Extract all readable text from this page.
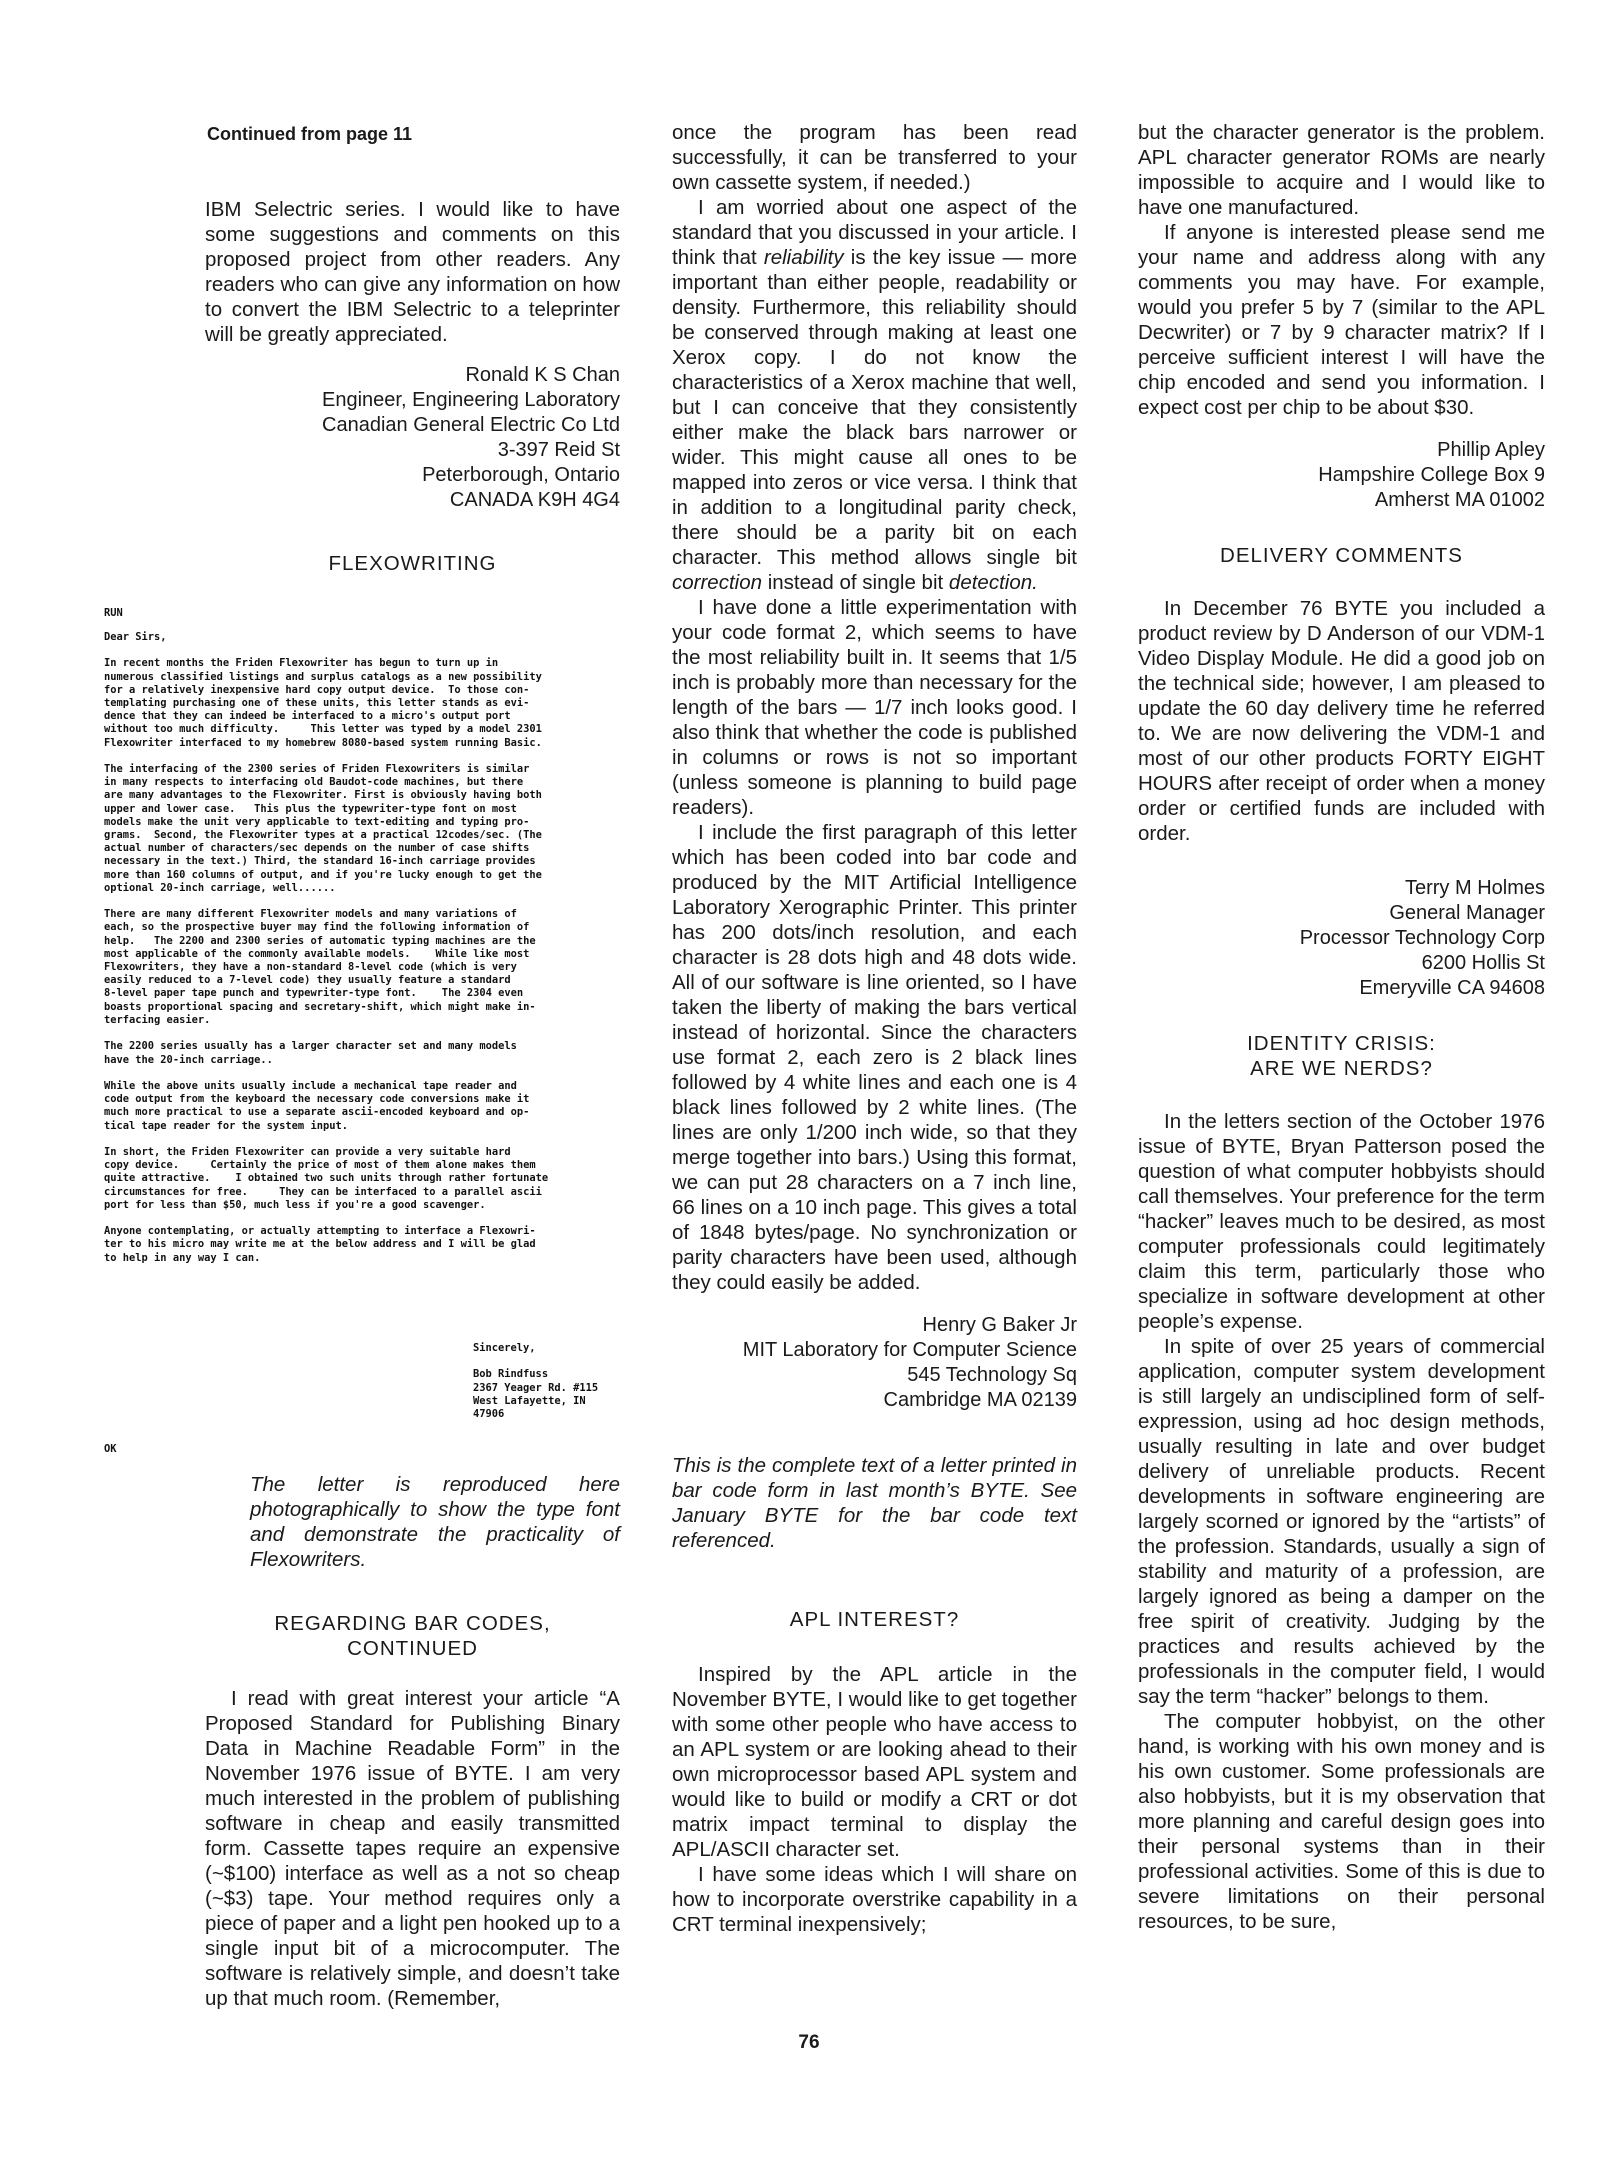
Continued from page 11

IBM Selectric series. I would like to have some suggestions and comments on this proposed project from other readers. Any readers who can give any information on how to convert the IBM Selectric to a teleprinter will be greatly appreciated.

Ronald K S Chan

Engineer, Engineering Laboratory

Canadian General Electric Co Ltd

3-397 Reid St

Peterborough, Ontario

CANADA K9H 4G4

FLEXOWRITING

RUN

Dear Sirs,

In recent months the Friden Flexowriter has begun to turn up in
numerous classified listings and surplus catalogs as a new possibility
for a relatively inexpensive hard copy output device.  To those con-
templating purchasing one of these units, this letter stands as evi-
dence that they can indeed be interfaced to a micro's output port
without too much difficulty.     This letter was typed by a model 2301
Flexowriter interfaced to my homebrew 8080-based system running Basic.

The interfacing of the 2300 series of Friden Flexowriters is similar
in many respects to interfacing old Baudot-code machines, but there
are many advantages to the Flexowriter. First is obviously having both
upper and lower case.   This plus the typewriter-type font on most
models make the unit very applicable to text-editing and typing pro-
grams.  Second, the Flexowriter types at a practical 12codes/sec. (The
actual number of characters/sec depends on the number of case shifts
necessary in the text.) Third, the standard 16-inch carriage provides
more than 160 columns of output, and if you're lucky enough to get the
optional 20-inch carriage, well......

There are many different Flexowriter models and many variations of
each, so the prospective buyer may find the following information of
help.   The 2200 and 2300 series of automatic typing machines are the
most applicable of the commonly available models.    While like most
Flexowriters, they have a non-standard 8-level code (which is very
easily reduced to a 7-level code) they usually feature a standard
8-level paper tape punch and typewriter-type font.    The 2304 even
boasts proportional spacing and secretary-shift, which might make in-
terfacing easier.

The 2200 series usually has a larger character set and many models
have the 20-inch carriage..

While the above units usually include a mechanical tape reader and
code output from the keyboard the necessary code conversions make it
much more practical to use a separate ascii-encoded keyboard and op-
tical tape reader for the system input.

In short, the Friden Flexowriter can provide a very suitable hard
copy device.     Certainly the price of most of them alone makes them
quite attractive.    I obtained two such units through rather fortunate
circumstances for free.     They can be interfaced to a parallel ascii
port for less than $50, much less if you're a good scavenger.

Anyone contemplating, or actually attempting to interface a Flexowri-
ter to his micro may write me at the below address and I will be glad
to help in any way I can.
Sincerely,

Bob Rindfuss
2367 Yeager Rd. #115
West Lafayette, IN
47906

OK

The letter is reproduced here photographically to show the type font and demonstrate the practicality of Flexowriters.

REGARDING BAR CODES,

CONTINUED

I read with great interest your article “A Proposed Standard for Publishing Binary Data in Machine Readable Form” in the November 1976 issue of BYTE. I am very much interested in the problem of publishing software in cheap and easily transmitted form. Cassette tapes require an expensive (~$100) interface as well as a not so cheap (~$3) tape. Your method requires only a piece of paper and a light pen hooked up to a single input bit of a microcomputer. The software is relatively simple, and doesn’t take up that much room. (Remember,

once the program has been read successfully, it can be transferred to your own cassette system, if needed.)

I am worried about one aspect of the standard that you discussed in your article. I think that reliability is the key issue — more important than either people, readability or density. Furthermore, this reliability should be conserved through making at least one Xerox copy. I do not know the characteristics of a Xerox machine that well, but I can conceive that they consistently either make the black bars narrower or wider. This might cause all ones to be mapped into zeros or vice versa. I think that in addition to a longitudinal parity check, there should be a parity bit on each character. This method allows single bit correction instead of single bit detection.

I have done a little experimentation with your code format 2, which seems to have the most reliability built in. It seems that 1/5 inch is probably more than necessary for the length of the bars — 1/7 inch looks good. I also think that whether the code is published in columns or rows is not so important (unless someone is planning to build page readers).

I include the first paragraph of this letter which has been coded into bar code and produced by the MIT Artificial Intelligence Laboratory Xerographic Printer. This printer has 200 dots/inch resolution, and each character is 28 dots high and 48 dots wide. All of our software is line oriented, so I have taken the liberty of making the bars vertical instead of horizontal. Since the characters use format 2, each zero is 2 black lines followed by 4 white lines and each one is 4 black lines followed by 2 white lines. (The lines are only 1/200 inch wide, so that they merge together into bars.) Using this format, we can put 28 characters on a 7 inch line, 66 lines on a 10 inch page. This gives a total of 1848 bytes/page. No synchronization or parity characters have been used, although they could easily be added.

Henry G Baker Jr

MIT Laboratory for Computer Science

545 Technology Sq

Cambridge MA 02139

This is the complete text of a letter printed in bar code form in last month’s BYTE. See January BYTE for the bar code text referenced.

APL INTEREST?

Inspired by the APL article in the November BYTE, I would like to get together with some other people who have access to an APL system or are looking ahead to their own microprocessor based APL system and would like to build or modify a CRT or dot matrix impact terminal to display the APL/ASCII character set.

I have some ideas which I will share on how to incorporate overstrike capability in a CRT terminal inexpensively;

but the character generator is the problem. APL character generator ROMs are nearly impossible to acquire and I would like to have one manufactured.

If anyone is interested please send me your name and address along with any comments you may have. For example, would you prefer 5 by 7 (similar to the APL Decwriter) or 7 by 9 character matrix? If I perceive sufficient interest I will have the chip encoded and send you information. I expect cost per chip to be about $30.

Phillip Apley

Hampshire College Box 9

Amherst MA 01002

DELIVERY COMMENTS

In December 76 BYTE you included a product review by D Anderson of our VDM-1 Video Display Module. He did a good job on the technical side; however, I am pleased to update the 60 day delivery time he referred to. We are now delivering the VDM-1 and most of our other products FORTY EIGHT HOURS after receipt of order when a money order or certified funds are included with order.

Terry M Holmes

General Manager

Processor Technology Corp

6200 Hollis St

Emeryville CA 94608

IDENTITY CRISIS:

ARE WE NERDS?

In the letters section of the October 1976 issue of BYTE, Bryan Patterson posed the question of what computer hobbyists should call themselves. Your preference for the term “hacker” leaves much to be desired, as most computer professionals could legitimately claim this term, particularly those who specialize in software development at other people’s expense.

In spite of over 25 years of commercial application, computer system development is still largely an undisciplined form of self-expression, using ad hoc design methods, usually resulting in late and over budget delivery of unreliable products. Recent developments in software engineering are largely scorned or ignored by the “artists” of the profession. Standards, usually a sign of stability and maturity of a profession, are largely ignored as being a damper on the free spirit of creativity. Judging by the practices and results achieved by the professionals in the computer field, I would say the term “hacker” belongs to them.

The computer hobbyist, on the other hand, is working with his own money and is his own customer. Some professionals are also hobbyists, but it is my observation that more planning and careful design goes into their personal systems than in their professional activities. Some of this is due to severe limitations on their personal resources, to be sure,

76
